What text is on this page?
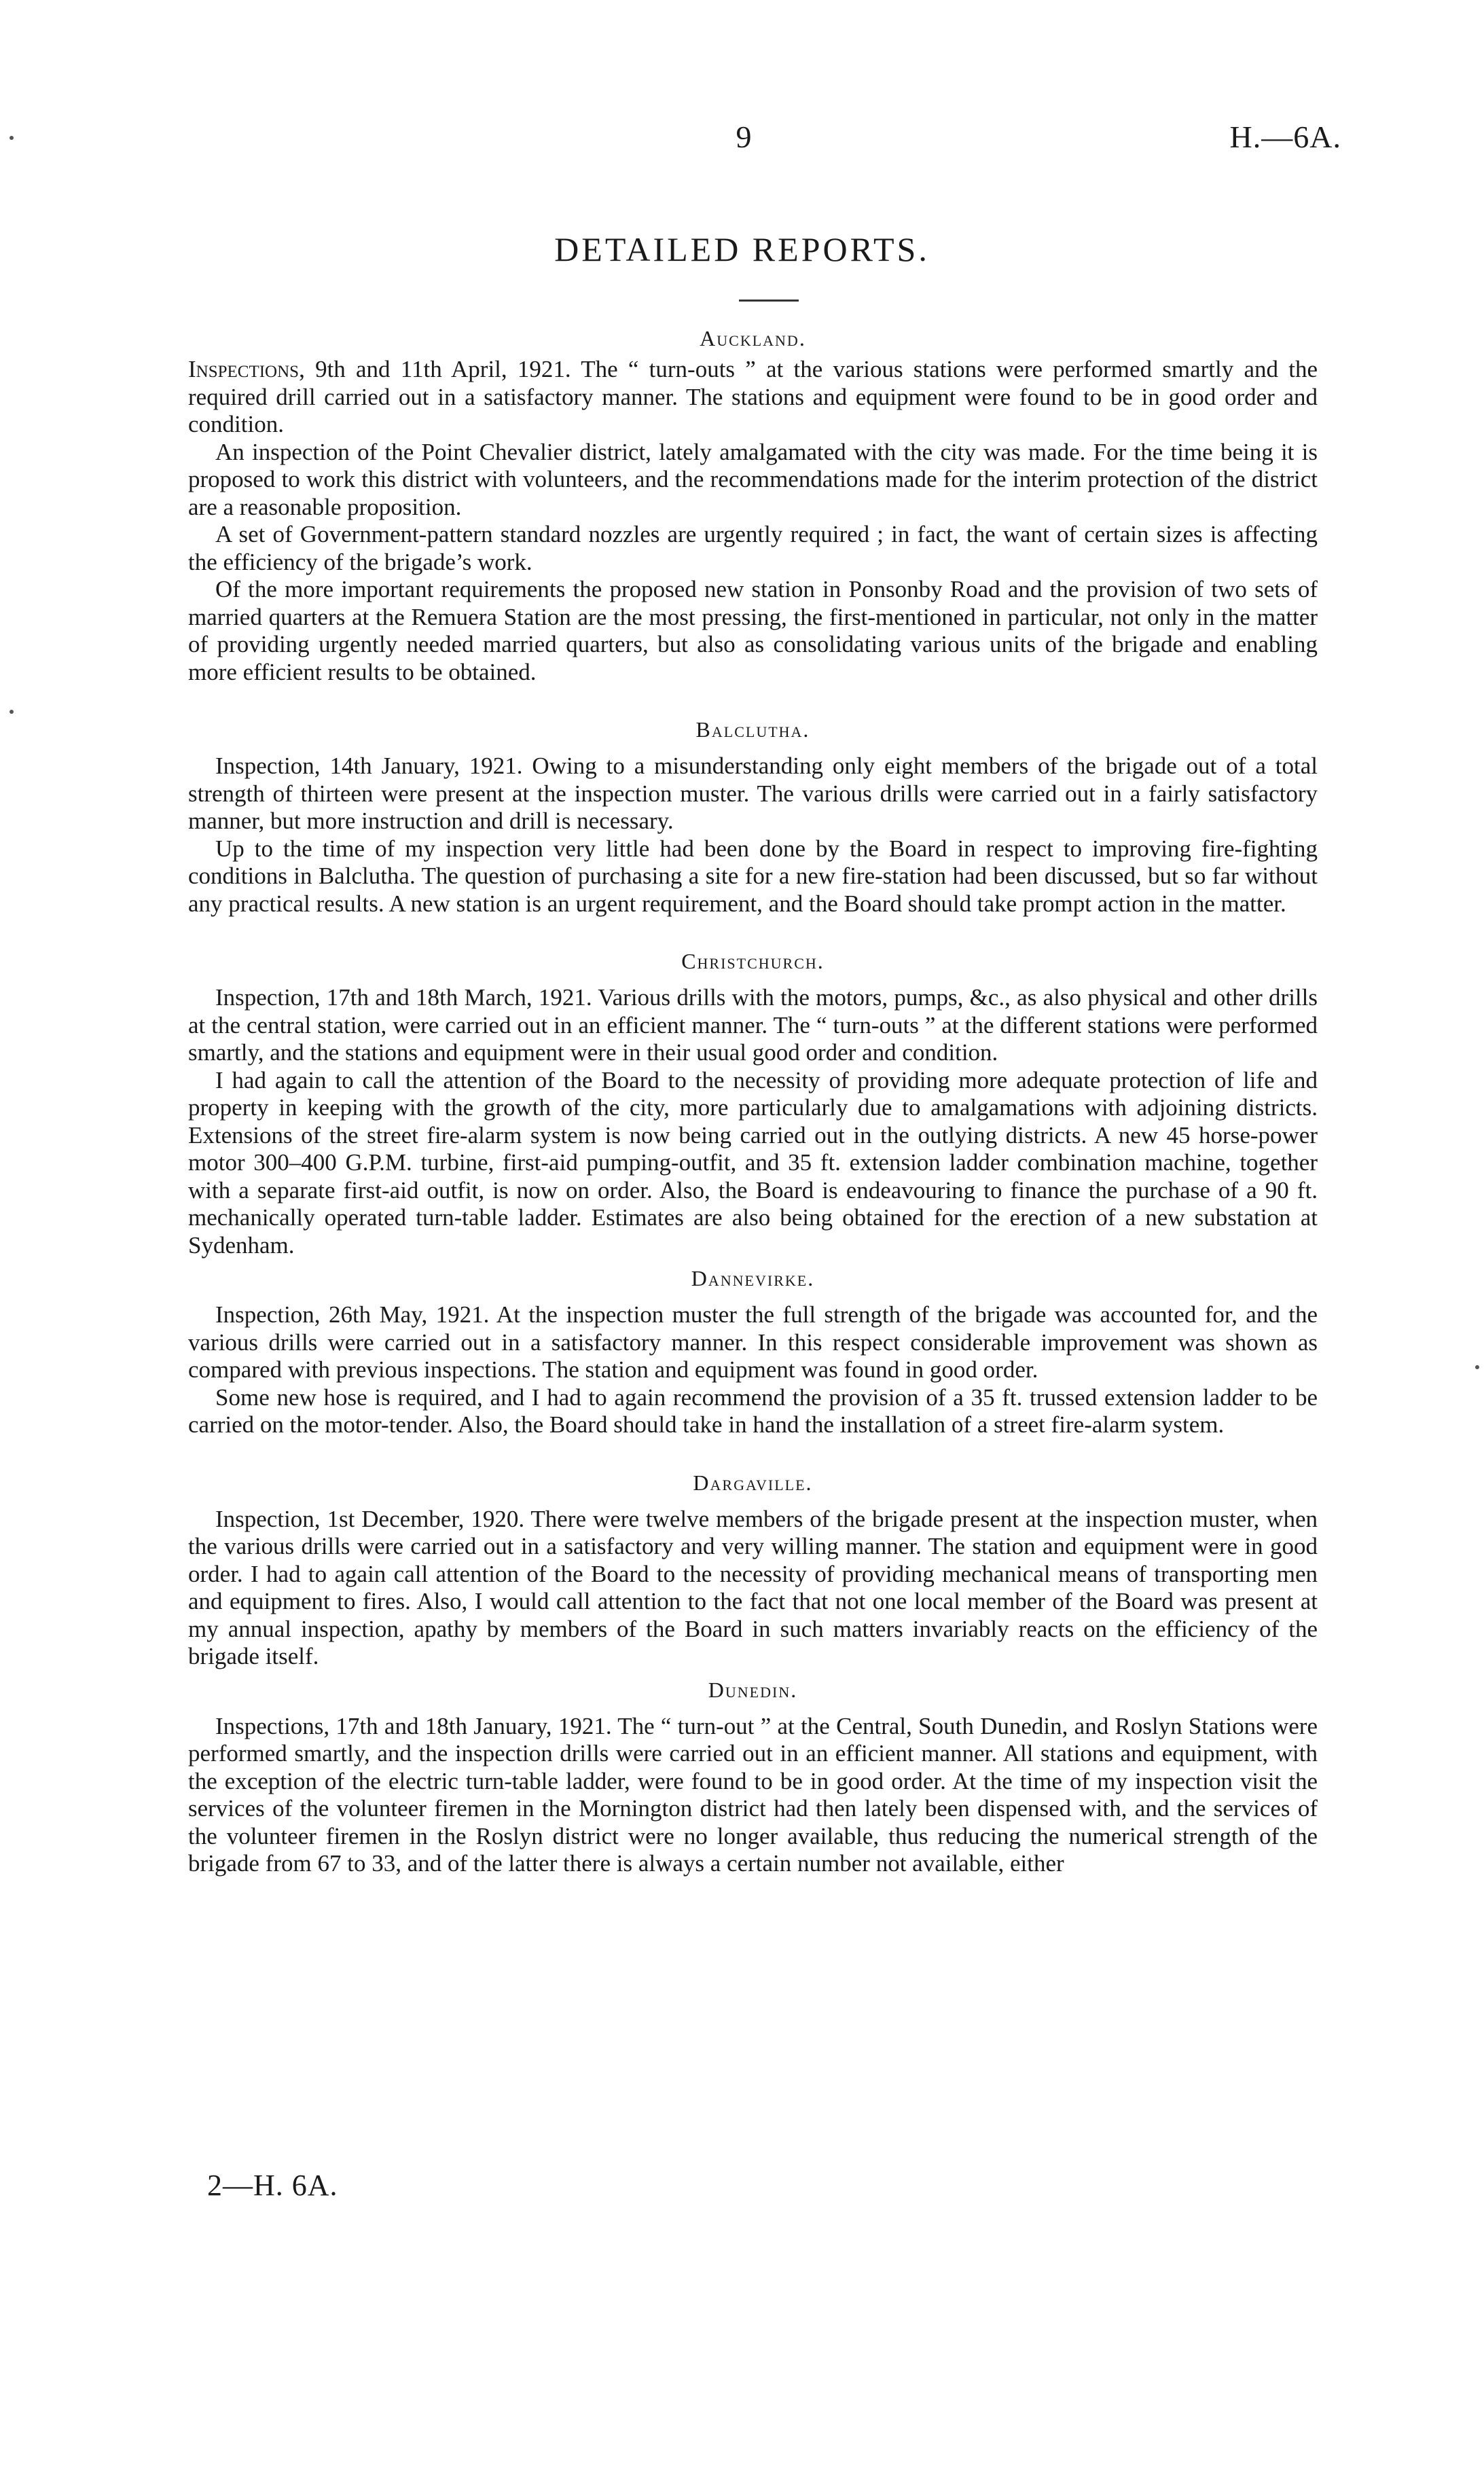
9	H.—6A.
DETAILED REPORTS.
Auckland.

Inspections, 9th and 11th April, 1921. The “ turn-outs ” at the various stations were performed smartly and the required drill carried out in a satisfactory manner. The stations and equipment were found to be in good order and condition.

An inspection of the Point Chevalier district, lately amalgamated with the city was made. For the time being it is proposed to work this district with volunteers, and the recommendations made for the interim protection of the district are a reasonable proposition.

A set of Government-pattern standard nozzles are urgently required ; in fact, the want of certain sizes is affecting the efficiency of the brigade’s work.

Of the more important requirements the proposed new station in Ponsonby Road and the provision of two sets of married quarters at the Remuera Station are the most pressing, the first-mentioned in particular, not only in the matter of providing urgently needed married quarters, but also as consolidating various units of the brigade and enabling more efficient results to be obtained.

Balclutha.

Inspection, 14th January, 1921. Owing to a misunderstanding only eight members of the brigade out of a total strength of thirteen were present at the inspection muster. The various drills were carried out in a fairly satisfactory manner, but more instruction and drill is necessary.

Up to the time of my inspection very little had been done by the Board in respect to improving fire-fighting conditions in Balclutha. The question of purchasing a site for a new fire-station had been discussed, but so far without any practical results. A new station is an urgent requirement, and the Board should take prompt action in the matter.

Christchurch.

Inspection, 17th and 18th March, 1921. Various drills with the motors, pumps, &c., as also physical and other drills at the central station, were carried out in an efficient manner. The “ turn-outs ” at the different stations were performed smartly, and the stations and equipment were in their usual good order and condition.

I had again to call the attention of the Board to the necessity of providing more adequate protection of life and property in keeping with the growth of the city, more particularly due to amalgamations with adjoining districts. Extensions of the street fire-alarm system is now being carried out in the outlying districts. A new 45 horse-power motor 300–400 G.P.M. turbine, first-aid pumping-outfit, and 35 ft. extension ladder combination machine, together with a separate first-aid outfit, is now on order. Also, the Board is endeavouring to finance the purchase of a 90 ft. mechanically operated turn-table ladder. Estimates are also being obtained for the erection of a new substation at Sydenham.

Dannevirke.

Inspection, 26th May, 1921. At the inspection muster the full strength of the brigade was accounted for, and the various drills were carried out in a satisfactory manner. In this respect considerable improvement was shown as compared with previous inspections. The station and equipment was found in good order.

Some new hose is required, and I had to again recommend the provision of a 35 ft. trussed extension ladder to be carried on the motor-tender. Also, the Board should take in hand the installation of a street fire-alarm system.

Dargaville.

Inspection, 1st December, 1920. There were twelve members of the brigade present at the inspection muster, when the various drills were carried out in a satisfactory and very willing manner. The station and equipment were in good order. I had to again call attention of the Board to the necessity of providing mechanical means of transporting men and equipment to fires. Also, I would call attention to the fact that not one local member of the Board was present at my annual inspection, apathy by members of the Board in such matters invariably reacts on the efficiency of the brigade itself.

Dunedin.

Inspections, 17th and 18th January, 1921. The “ turn-out ” at the Central, South Dunedin, and Roslyn Stations were performed smartly, and the inspection drills were carried out in an efficient manner. All stations and equipment, with the exception of the electric turn-table ladder, were found to be in good order. At the time of my inspection visit the services of the volunteer firemen in the Mornington district had then lately been dispensed with, and the services of the volunteer firemen in the Roslyn district were no longer available, thus reducing the numerical strength of the brigade from 67 to 33, and of the latter there is always a certain number not available, either

2—H. 6A.
